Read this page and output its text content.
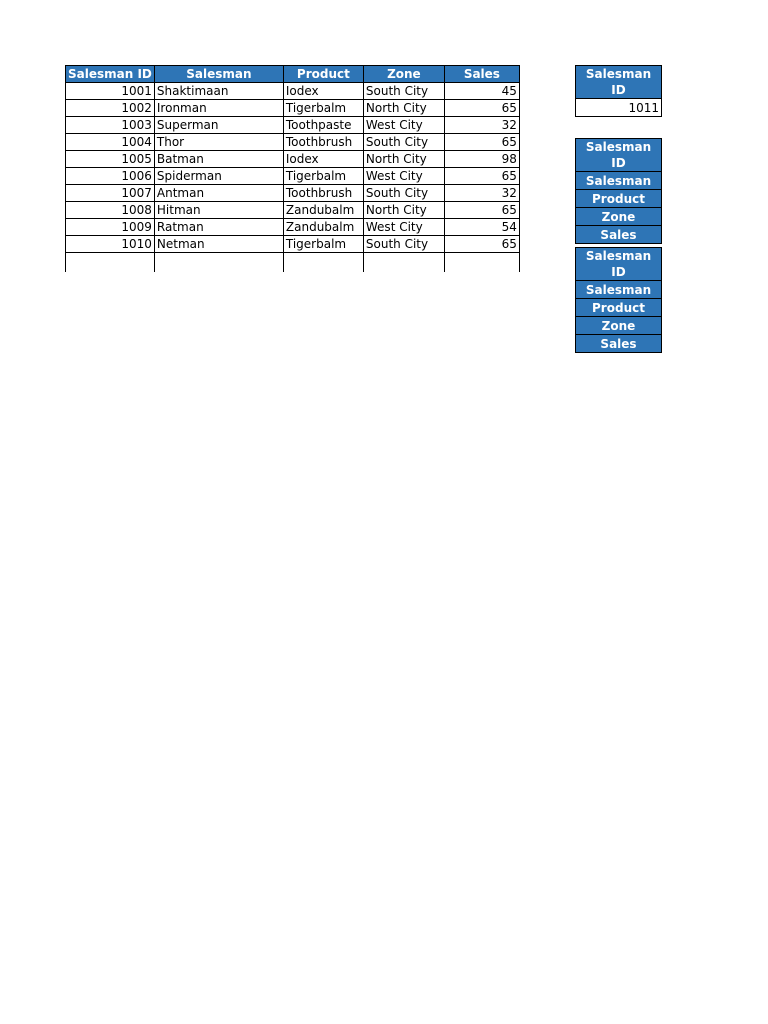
Salesman ID	Salesman	Product	Zone	Sales
1001	Shaktimaan	Iodex	South City	45
1002	Ironman	Tigerbalm	North City	65
1003	Superman	Toothpaste	West City	32
1004	Thor	Toothbrush	South City	65
1005	Batman	Iodex	North City	98
1006	Spiderman	Tigerbalm	West City	65
1007	Antman	Toothbrush	South City	32
1008	Hitman	Zandubalm	North City	65
1009	Ratman	Zandubalm	West City	54
1010	Netman	Tigerbalm	South City	65

Salesman ID
1011
Salesman ID
Salesman
Product
Zone
Sales
Salesman ID
Salesman
Product
Zone
Sales
